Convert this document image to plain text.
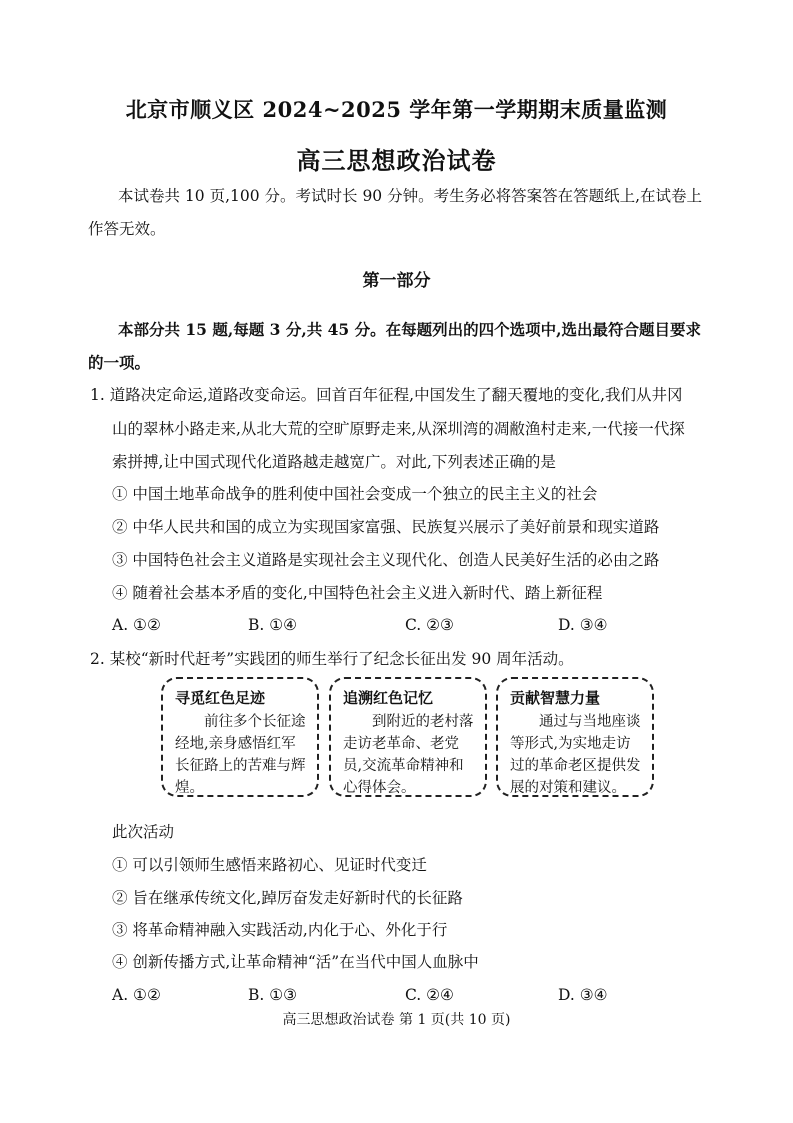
北京市顺义区 2024~2025 学年第一学期期末质量监测
高三思想政治试卷
本试卷共 10 页,100 分。考试时长 90 分钟。考生务必将答案答在答题纸上,在试卷上
作答无效。
第一部分
本部分共 15 题,每题 3 分,共 45 分。在每题列出的四个选项中,选出最符合题目要求
的一项。
1. 道路决定命运,道路改变命运。回首百年征程,中国发生了翻天覆地的变化,我们从井冈
山的翠林小路走来,从北大荒的空旷原野走来,从深圳湾的凋敝渔村走来,一代接一代探
索拼搏,让中国式现代化道路越走越宽广。对此,下列表述正确的是
① 中国土地革命战争的胜利使中国社会变成一个独立的民主主义的社会
② 中华人民共和国的成立为实现国家富强、民族复兴展示了美好前景和现实道路
③ 中国特色社会主义道路是实现社会主义现代化、创造人民美好生活的必由之路
④ 随着社会基本矛盾的变化,中国特色社会主义进入新时代、踏上新征程
A. ①②	B. ①④	C. ②③	D. ③④
2. 某校“新时代赶考”实践团的师生举行了纪念长征出发 90 周年活动。
寻觅红色足迹
前往多个长征途经地,亲身感悟红军长征路上的苦难与辉煌。
追溯红色记忆
到附近的老村落走访老革命、老党员,交流革命精神和心得体会。
贡献智慧力量
通过与当地座谈等形式,为实地走访过的革命老区提供发展的对策和建议。
此次活动
① 可以引领师生感悟来路初心、见证时代变迁
② 旨在继承传统文化,踔厉奋发走好新时代的长征路
③ 将革命精神融入实践活动,内化于心、外化于行
④ 创新传播方式,让革命精神“活”在当代中国人血脉中
A. ①②	B. ①③	C. ②④	D. ③④
高三思想政治试卷 第 1 页(共 10 页)
